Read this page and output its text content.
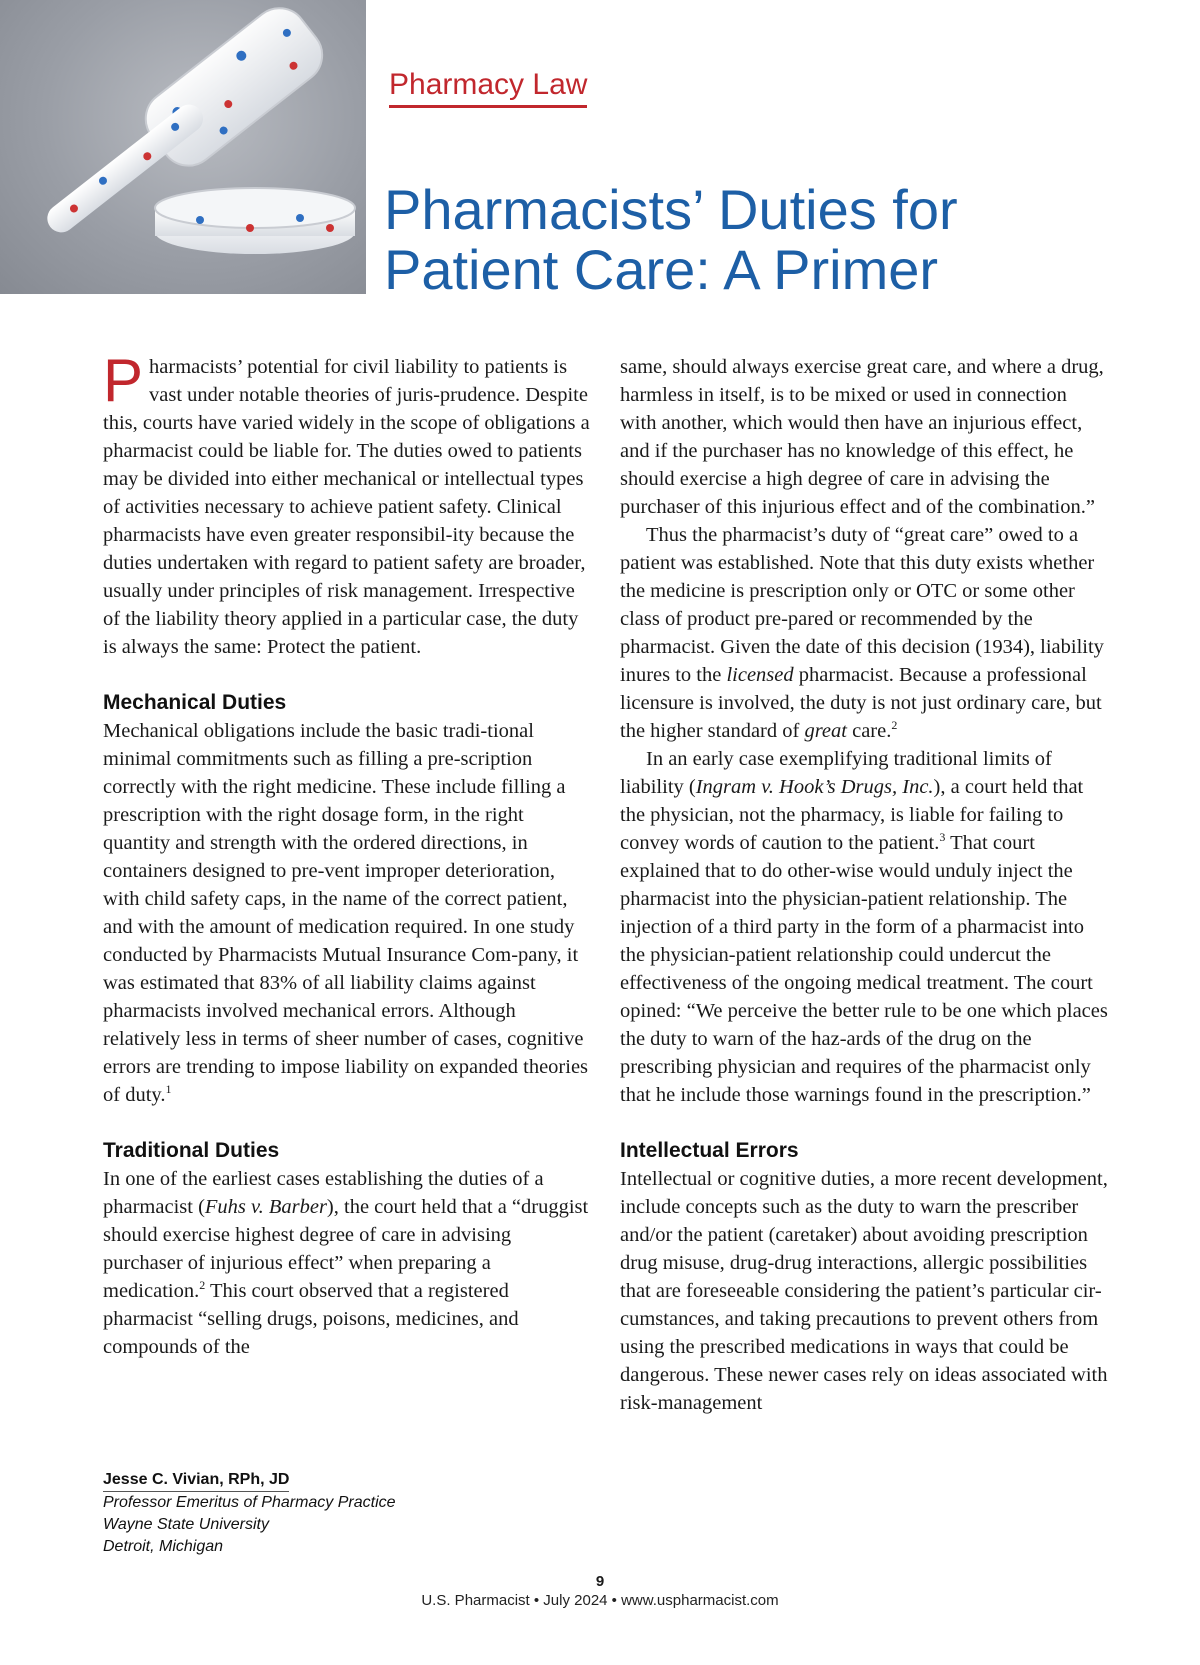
Pharmacy Law
Pharmacists’ Duties for
Patient Care: A Primer

Pharmacists’ potential for civil liability to patients is vast under notable theories of juris-prudence. Despite this, courts have varied widely in the scope of obligations a pharmacist could be liable for. The duties owed to patients may be divided into either mechanical or intellectual types of activities necessary to achieve patient safety. Clinical pharmacists have even greater responsibil-ity because the duties undertaken with regard to patient safety are broader, usually under principles of risk management. Irrespective of the liability theory applied in a particular case, the duty is always the same: Protect the patient.

Mechanical Duties

Mechanical obligations include the basic tradi-tional minimal commitments such as filling a pre-scription correctly with the right medicine. These include filling a prescription with the right dosage form, in the right quantity and strength with the ordered directions, in containers designed to pre-vent improper deterioration, with child safety caps, in the name of the correct patient, and with the amount of medication required. In one study conducted by Pharmacists Mutual Insurance Com-pany, it was estimated that 83% of all liability claims against pharmacists involved mechanical errors. Although relatively less in terms of sheer number of cases, cognitive errors are trending to impose liability on expanded theories of duty.$^1$

Traditional Duties

In one of the earliest cases establishing the duties of a pharmacist (Fuhs v. Barber), the court held that a “druggist should exercise highest degree of care in advising purchaser of injurious effect” when preparing a medication.$^2$ This court observed that a registered pharmacist “selling drugs, poisons, medicines, and compounds of the

same, should always exercise great care, and where a drug, harmless in itself, is to be mixed or used in connection with another, which would then have an injurious effect, and if the purchaser has no knowledge of this effect, he should exercise a high degree of care in advising the purchaser of this injurious effect and of the combination.”

Thus the pharmacist’s duty of “great care” owed to a patient was established. Note that this duty exists whether the medicine is prescription only or OTC or some other class of product pre-pared or recommended by the pharmacist. Given the date of this decision (1934), liability inures to the licensed pharmacist. Because a professional licensure is involved, the duty is not just ordinary care, but the higher standard of great care.$^2$

In an early case exemplifying traditional limits of liability (Ingram v. Hook’s Drugs, Inc.), a court held that the physician, not the pharmacy, is liable for failing to convey words of caution to the patient.$^3$ That court explained that to do other-wise would unduly inject the pharmacist into the physician-patient relationship. The injection of a third party in the form of a pharmacist into the physician-patient relationship could undercut the effectiveness of the ongoing medical treatment. The court opined: “We perceive the better rule to be one which places the duty to warn of the haz-ards of the drug on the prescribing physician and requires of the pharmacist only that he include those warnings found in the prescription.”

Intellectual Errors

Intellectual or cognitive duties, a more recent development, include concepts such as the duty to warn the prescriber and/or the patient (caretaker) about avoiding prescription drug misuse, drug-drug interactions, allergic possibilities that are foreseeable considering the patient’s particular cir-cumstances, and taking precautions to prevent others from using the prescribed medications in ways that could be dangerous. These newer cases rely on ideas associated with risk-management

Jesse C. Vivian, RPh, JD
Professor Emeritus of Pharmacy Practice
Wayne State University
Detroit, Michigan
9
U.S. Pharmacist • July 2024 • www.uspharmacist.com
